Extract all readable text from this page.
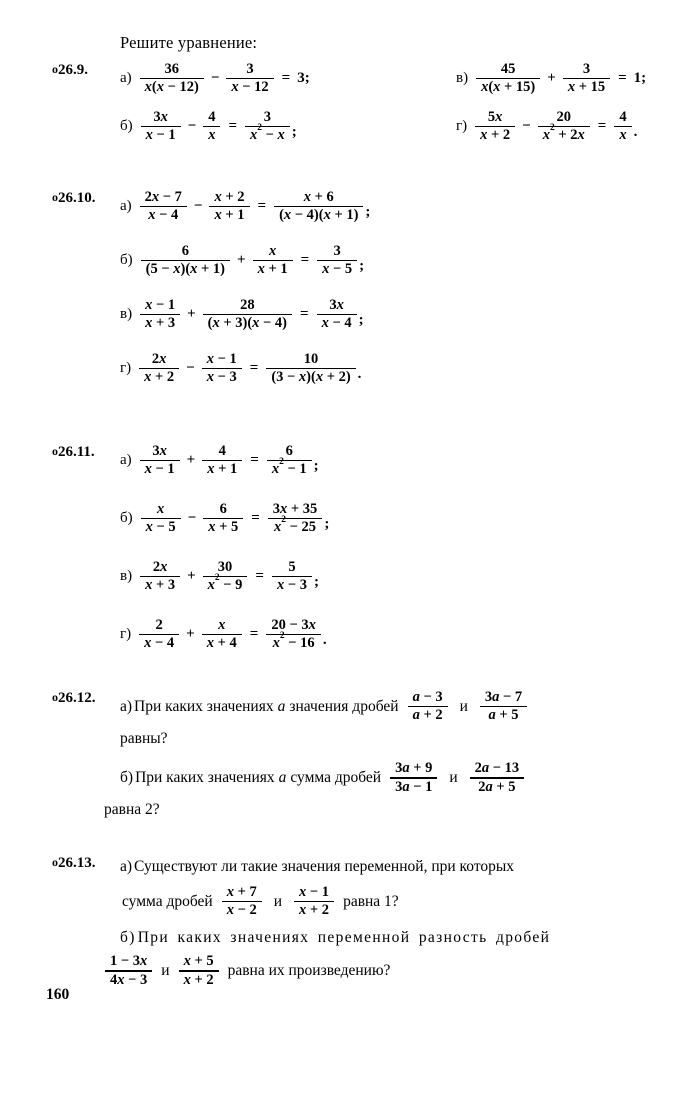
Решите уравнение:
o26.9.
$а) \frac{36}{x(x - 12)} - \frac{3}{x - 12} = 3$;	$в) \frac{45}{x(x + 15)} + \frac{3}{x + 15} = 1$;
$б) \frac{3x}{x - 1} - \frac{4}{x} = \frac{3}{x^2 - x}$ ;	$г) \frac{5x}{x + 2} - \frac{20}{x^2 + 2x} = \frac{4}{x}$ .
o26.10.
$а) \frac{2x - 7}{x - 4} - \frac{x + 2}{x + 1} = \frac{x + 6}{(x - 4)(x + 1)}$ ;
$б) \frac{6}{(5 - x)(x + 1)} + \frac{x}{x + 1} = \frac{3}{x - 5}$ ;
$в) \frac{x - 1}{x + 3} + \frac{28}{(x + 3)(x - 4)} = \frac{3x}{x - 4}$ ;
$г) \frac{2x}{x + 2} - \frac{x - 1}{x - 3} = \frac{10}{(3 - x)(x + 2)}$ .
o26.11.
$а) \frac{3x}{x - 1} + \frac{4}{x + 1} = \frac{6}{x^2 - 1}$ ;
$б) \frac{x}{x - 5} - \frac{6}{x + 5} = \frac{3x + 35}{x^2 - 25}$ ;
$в) \frac{2x}{x + 3} + \frac{30}{x^2 - 9} = \frac{5}{x - 3}$ ;
$г) \frac{2}{x - 4} + \frac{x}{x + 4} = \frac{20 - 3x}{x^2 - 16}$ .
o26.12.	а) При каких значениях a значения дробей $\frac{a - 3}{a + 2}$ и $\frac{3a - 7}{a + 5}$
равны?
б) При каких значениях a сумма дробей $\frac{3a + 9}{3a - 1}$ и $\frac{2a - 13}{2a + 5}$
равна 2?
o26.13.	а) Существуют ли такие значения переменной, при которых
сумма дробей $\frac{x + 7}{x - 2}$ и $\frac{x - 1}{x + 2}$ равна 1?
б) При каких значениях переменной разность дробей
$\frac{1 - 3x}{4x - 3}$ и $\frac{x + 5}{x + 2}$ равна их произведению?
160
